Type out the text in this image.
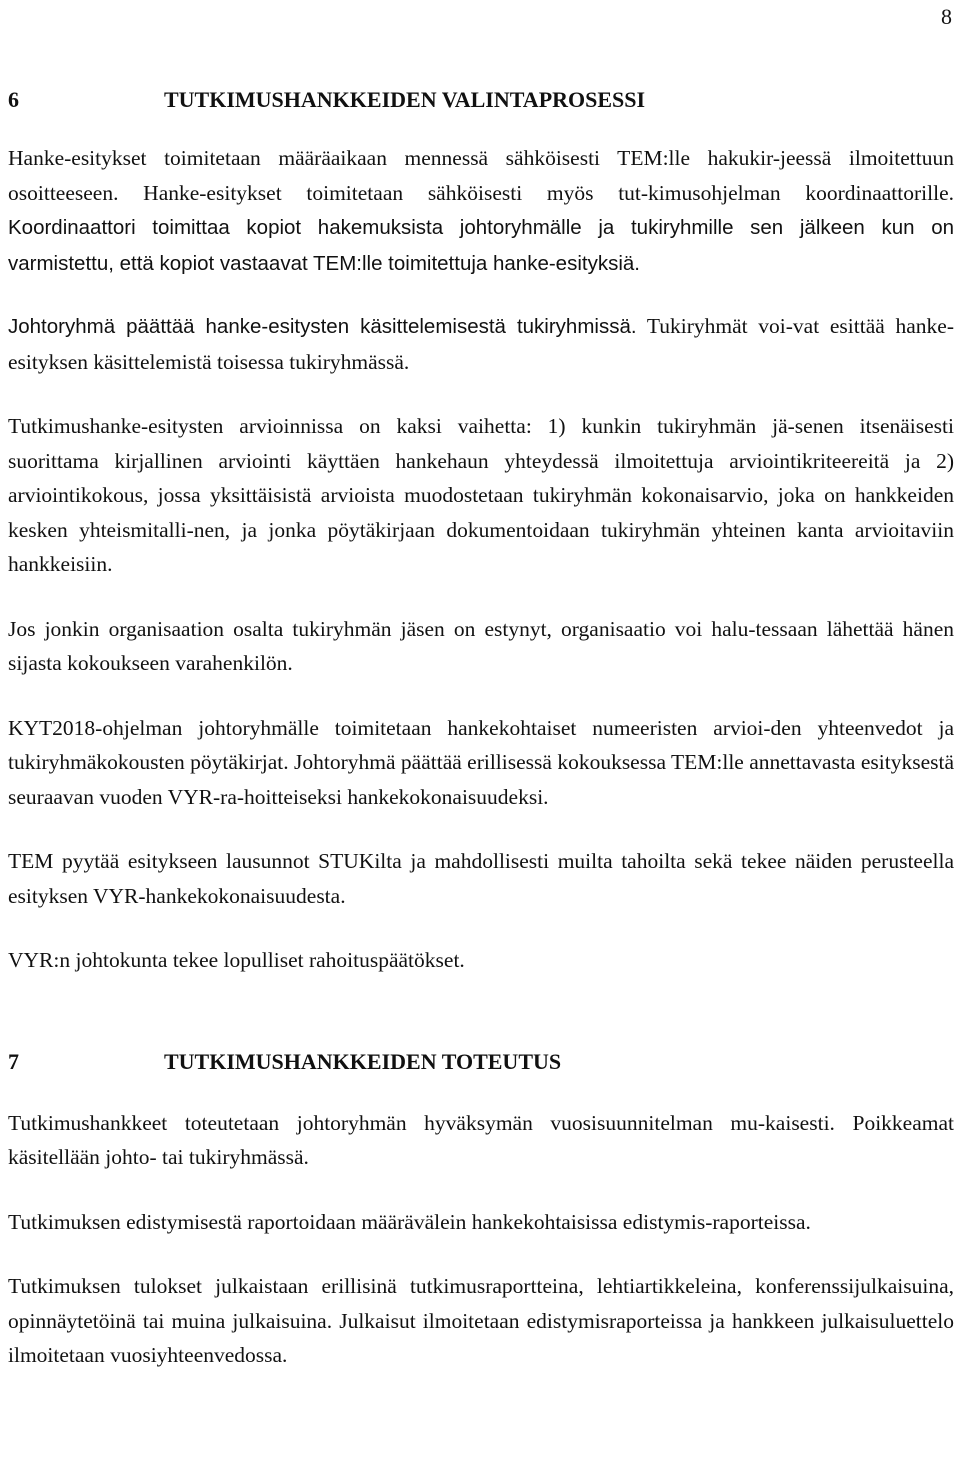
8
6	TUTKIMUSHANKKEIDEN VALINTAPROSESSI

Hanke-esitykset toimitetaan määräaikaan mennessä sähköisesti TEM:lle hakukir-jeessä ilmoitettuun osoitteeseen. Hanke-esitykset toimitetaan sähköisesti myös tut-kimusohjelman koordinaattorille. Koordinaattori toimittaa kopiot hakemuksista johtoryhmälle ja tukiryhmille sen jälkeen kun on varmistettu, että kopiot vastaavat TEM:lle toimitettuja hanke-esityksiä.

Johtoryhmä päättää hanke-esitysten käsittelemisestä tukiryhmissä. Tukiryhmät voi-vat esittää hanke-esityksen käsittelemistä toisessa tukiryhmässä.

Tutkimushanke-esitysten arvioinnissa on kaksi vaihetta: 1) kunkin tukiryhmän jä-senen itsenäisesti suorittama kirjallinen arviointi käyttäen hankehaun yhteydessä ilmoitettuja arviointikriteereitä ja 2) arviointikokous, jossa yksittäisistä arvioista muodostetaan tukiryhmän kokonaisarvio, joka on hankkeiden kesken yhteismitalli-nen, ja jonka pöytäkirjaan dokumentoidaan tukiryhmän yhteinen kanta arvioitaviin hankkeisiin.

Jos jonkin organisaation osalta tukiryhmän jäsen on estynyt, organisaatio voi halu-tessaan lähettää hänen sijasta kokoukseen varahenkilön.

KYT2018-ohjelman johtoryhmälle toimitetaan hankekohtaiset numeeristen arvioi-den yhteenvedot ja tukiryhmäkokousten pöytäkirjat. Johtoryhmä päättää erillisessä kokouksessa TEM:lle annettavasta esityksestä seuraavan vuoden VYR-ra-hoitteiseksi hankekokonaisuudeksi.

TEM pyytää esitykseen lausunnot STUKilta ja mahdollisesti muilta tahoilta sekä tekee näiden perusteella esityksen VYR-hankekokonaisuudesta.

VYR:n johtokunta tekee lopulliset rahoituspäätökset.

7	TUTKIMUSHANKKEIDEN TOTEUTUS

Tutkimushankkeet toteutetaan johtoryhmän hyväksymän vuosisuunnitelman mu-kaisesti. Poikkeamat käsitellään johto- tai tukiryhmässä.

Tutkimuksen edistymisestä raportoidaan määrävälein hankekohtaisissa edistymis-raporteissa.

Tutkimuksen tulokset julkaistaan erillisinä tutkimusraportteina, lehtiartikkeleina, konferenssijulkaisuina, opinnäytetöinä tai muina julkaisuina. Julkaisut ilmoitetaan edistymisraporteissa ja hankkeen julkaisuluettelo ilmoitetaan vuosiyhteenvedossa.
